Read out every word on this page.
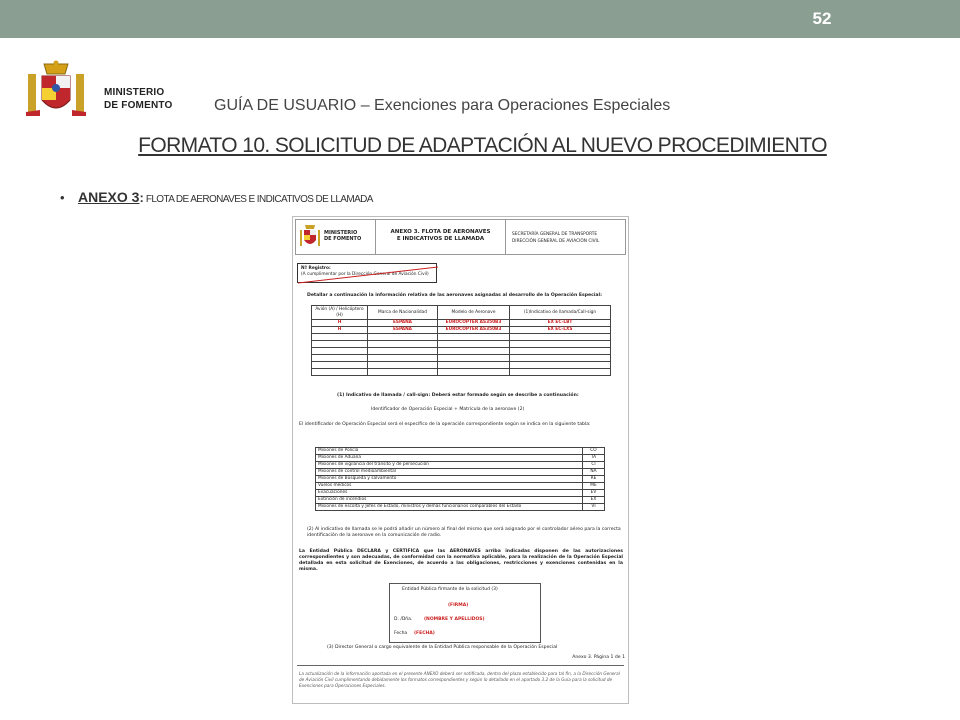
52
MINISTERIO
DE FOMENTO	GUÍA DE USUARIO – Exenciones para Operaciones Especiales
FORMATO 10. SOLICITUD DE ADAPTACIÓN AL NUEVO PROCEDIMIENTO
• ANEXO 3: FLOTA DE AERONAVES E INDICATIVOS DE LLAMADA
MINISTERIO
DE FOMENTO
ANEXO 3. FLOTA DE AERONAVES
E INDICATIVOS DE LLAMADA
SECRETARÍA GENERAL DE TRANSPORTE
DIRECCIÓN GENERAL DE AVIACIÓN CIVIL
Nº Registro:
(A cumplimentar por la Dirección General de Aviación Civil)
Detallar a continuación la información relativa de las aeronaves asignadas al desarrollo de la Operación Especial:
Avión (A) / Helicóptero (H)	Marca de Nacionalidad	Modelo de Aeronave	(1)Indicativo de llamada/Call-sign
H	ESPAÑA	EUROCOPTER AS350B3	EX EC-LBT
H	ESPAÑA	EUROCOPTER AS350B3	EX EC-LXS

(1) Indicativo de llamada / call-sign: Deberá estar formado según se describe a continuación:
Identificador de Operación Especial + Matrícula de la aeronave (2)
El identificador de Operación Especial será el específico de la operación correspondiente según se indica en la siguiente tabla:
Misiones de Policía	CO
Misiones de Aduana	TA
Misiones de vigilancia del tránsito y de persecución	CI
Misiones de control medioambiental	NA
Misiones de Búsqueda y salvamento	RE
Vuelos médicos	ME
Evacuaciones	EV
Extinción de incendios	EX
Misiones de escolta y Jefes de Estado, ministros y demás funcionarios comparables del Estado	VI
(2) Al indicativo de llamada se le podrá añadir un número al final del mismo que será asignado por el controlador aéreo para la correcta identificación de la aeronave en la comunicación de radio.
La Entidad Pública DECLARA y CERTIFICA que las AERONAVES arriba indicadas disponen de las autorizaciones correspondientes y son adecuadas, de conformidad con la normativa aplicable, para la realización de la Operación Especial detallada en esta solicitud de Exenciones, de acuerdo a las obligaciones, restricciones y exenciones contenidas en la misma.
Entidad Pública firmante de la solicitud (3)
(FIRMA)
D. /Dña.	(NOMBRE Y APELLIDOS)
Fecha (FECHA)
(3) Director General o cargo equivalente de la Entidad Pública responsable de la Operación Especial
Anexo 3. Página 1 de 1
La actualización de la información aportada en el presente ANEXO deberá ser notificada, dentro del plazo establecido para tal fin, a la Dirección General de Aviación Civil cumplimentando debidamente los formatos correspondientes y según lo detallado en el apartado 3.2 de la Guía para la solicitud de Exenciones para Operaciones Especiales.
